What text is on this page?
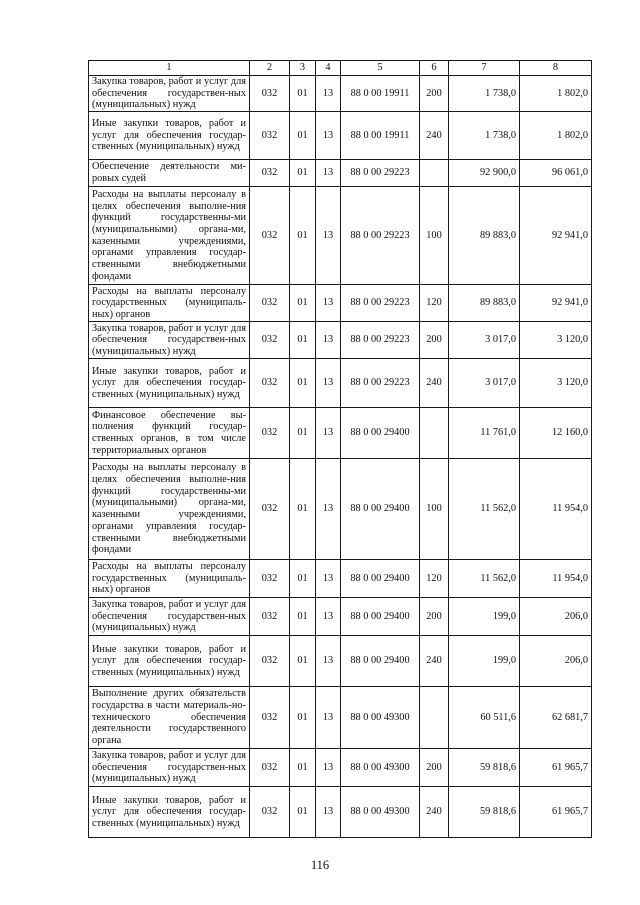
1	2	3	4	5	6	7	8
Закупка товаров, работ и услуг для обеспечения государствен-ных (муниципальных) нужд	032	01	13	88 0 00 19911	200	1 738,0	1 802,0
Иные закупки товаров, работ и услуг для обеспечения государ-ственных (муниципальных) нужд	032	01	13	88 0 00 19911	240	1 738,0	1 802,0
Обеспечение деятельности ми-ровых судей	032	01	13	88 0 00 29223		92 900,0	96 061,0
Расходы на выплаты персоналу в целях обеспечения выполне-ния функций государственны-ми (муниципальными) органа-ми, казенными учреждениями, органами управления государ-ственными внебюджетными фондами	032	01	13	88 0 00 29223	100	89 883,0	92 941,0
Расходы на выплаты персоналу государственных (муниципаль-ных) органов	032	01	13	88 0 00 29223	120	89 883,0	92 941,0
Закупка товаров, работ и услуг для обеспечения государствен-ных (муниципальных) нужд	032	01	13	88 0 00 29223	200	3 017,0	3 120,0
Иные закупки товаров, работ и услуг для обеспечения государ-ственных (муниципальных) нужд	032	01	13	88 0 00 29223	240	3 017,0	3 120,0
Финансовое обеспечение вы-полнения функций государ-ственных органов, в том числе территориальных органов	032	01	13	88 0 00 29400		11 761,0	12 160,0
Расходы на выплаты персоналу в целях обеспечения выполне-ния функций государственны-ми (муниципальными) органа-ми, казенными учреждениями, органами управления государ-ственными внебюджетными фондами	032	01	13	88 0 00 29400	100	11 562,0	11 954,0
Расходы на выплаты персоналу государственных (муниципаль-ных) органов	032	01	13	88 0 00 29400	120	11 562,0	11 954,0
Закупка товаров, работ и услуг для обеспечения государствен-ных (муниципальных) нужд	032	01	13	88 0 00 29400	200	199,0	206,0
Иные закупки товаров, работ и услуг для обеспечения государ-ственных (муниципальных) нужд	032	01	13	88 0 00 29400	240	199,0	206,0
Выполнение других обязательств государства в части материаль-но-технического обеспечения деятельности государственного органа	032	01	13	88 0 00 49300		60 511,6	62 681,7
Закупка товаров, работ и услуг для обеспечения государствен-ных (муниципальных) нужд	032	01	13	88 0 00 49300	200	59 818,6	61 965,7
Иные закупки товаров, работ и услуг для обеспечения государ-ственных (муниципальных) нужд	032	01	13	88 0 00 49300	240	59 818,6	61 965,7
116
